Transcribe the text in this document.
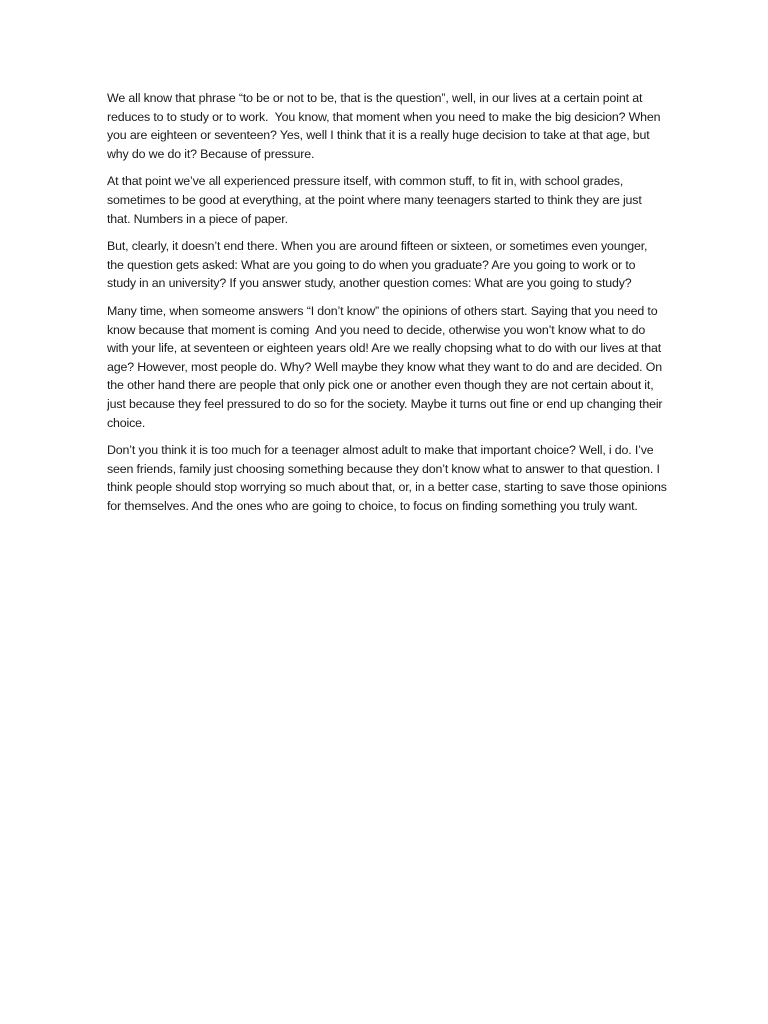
We all know that phrase “to be or not to be, that is the question”, well, in our lives at a certain point at reduces to to study or to work.  You know, that moment when you need to make the big desicion? When you are eighteen or seventeen? Yes, well I think that it is a really huge decision to take at that age, but why do we do it? Because of pressure.

At that point we’ve all experienced pressure itself, with common stuff, to fit in, with school grades, sometimes to be good at everything, at the point where many teenagers started to think they are just that. Numbers in a piece of paper.

But, clearly, it doesn’t end there. When you are around fifteen or sixteen, or sometimes even younger, the question gets asked: What are you going to do when you graduate? Are you going to work or to study in an university? If you answer study, another question comes: What are you going to study?

Many time, when someome answers “I don’t know” the opinions of others start. Saying that you need to know because that moment is coming  And you need to decide, otherwise you won’t know what to do with your life, at seventeen or eighteen years old! Are we really chopsing what to do with our lives at that age? However, most people do. Why? Well maybe they know what they want to do and are decided. On the other hand there are people that only pick one or another even though they are not certain about it, just because they feel pressured to do so for the society. Maybe it turns out fine or end up changing their choice.

Don’t you think it is too much for a teenager almost adult to make that important choice? Well, i do. I’ve seen friends, family just choosing something because they don’t know what to answer to that question. I think people should stop worrying so much about that, or, in a better case, starting to save those opinions for themselves. And the ones who are going to choice, to focus on finding something you truly want.
